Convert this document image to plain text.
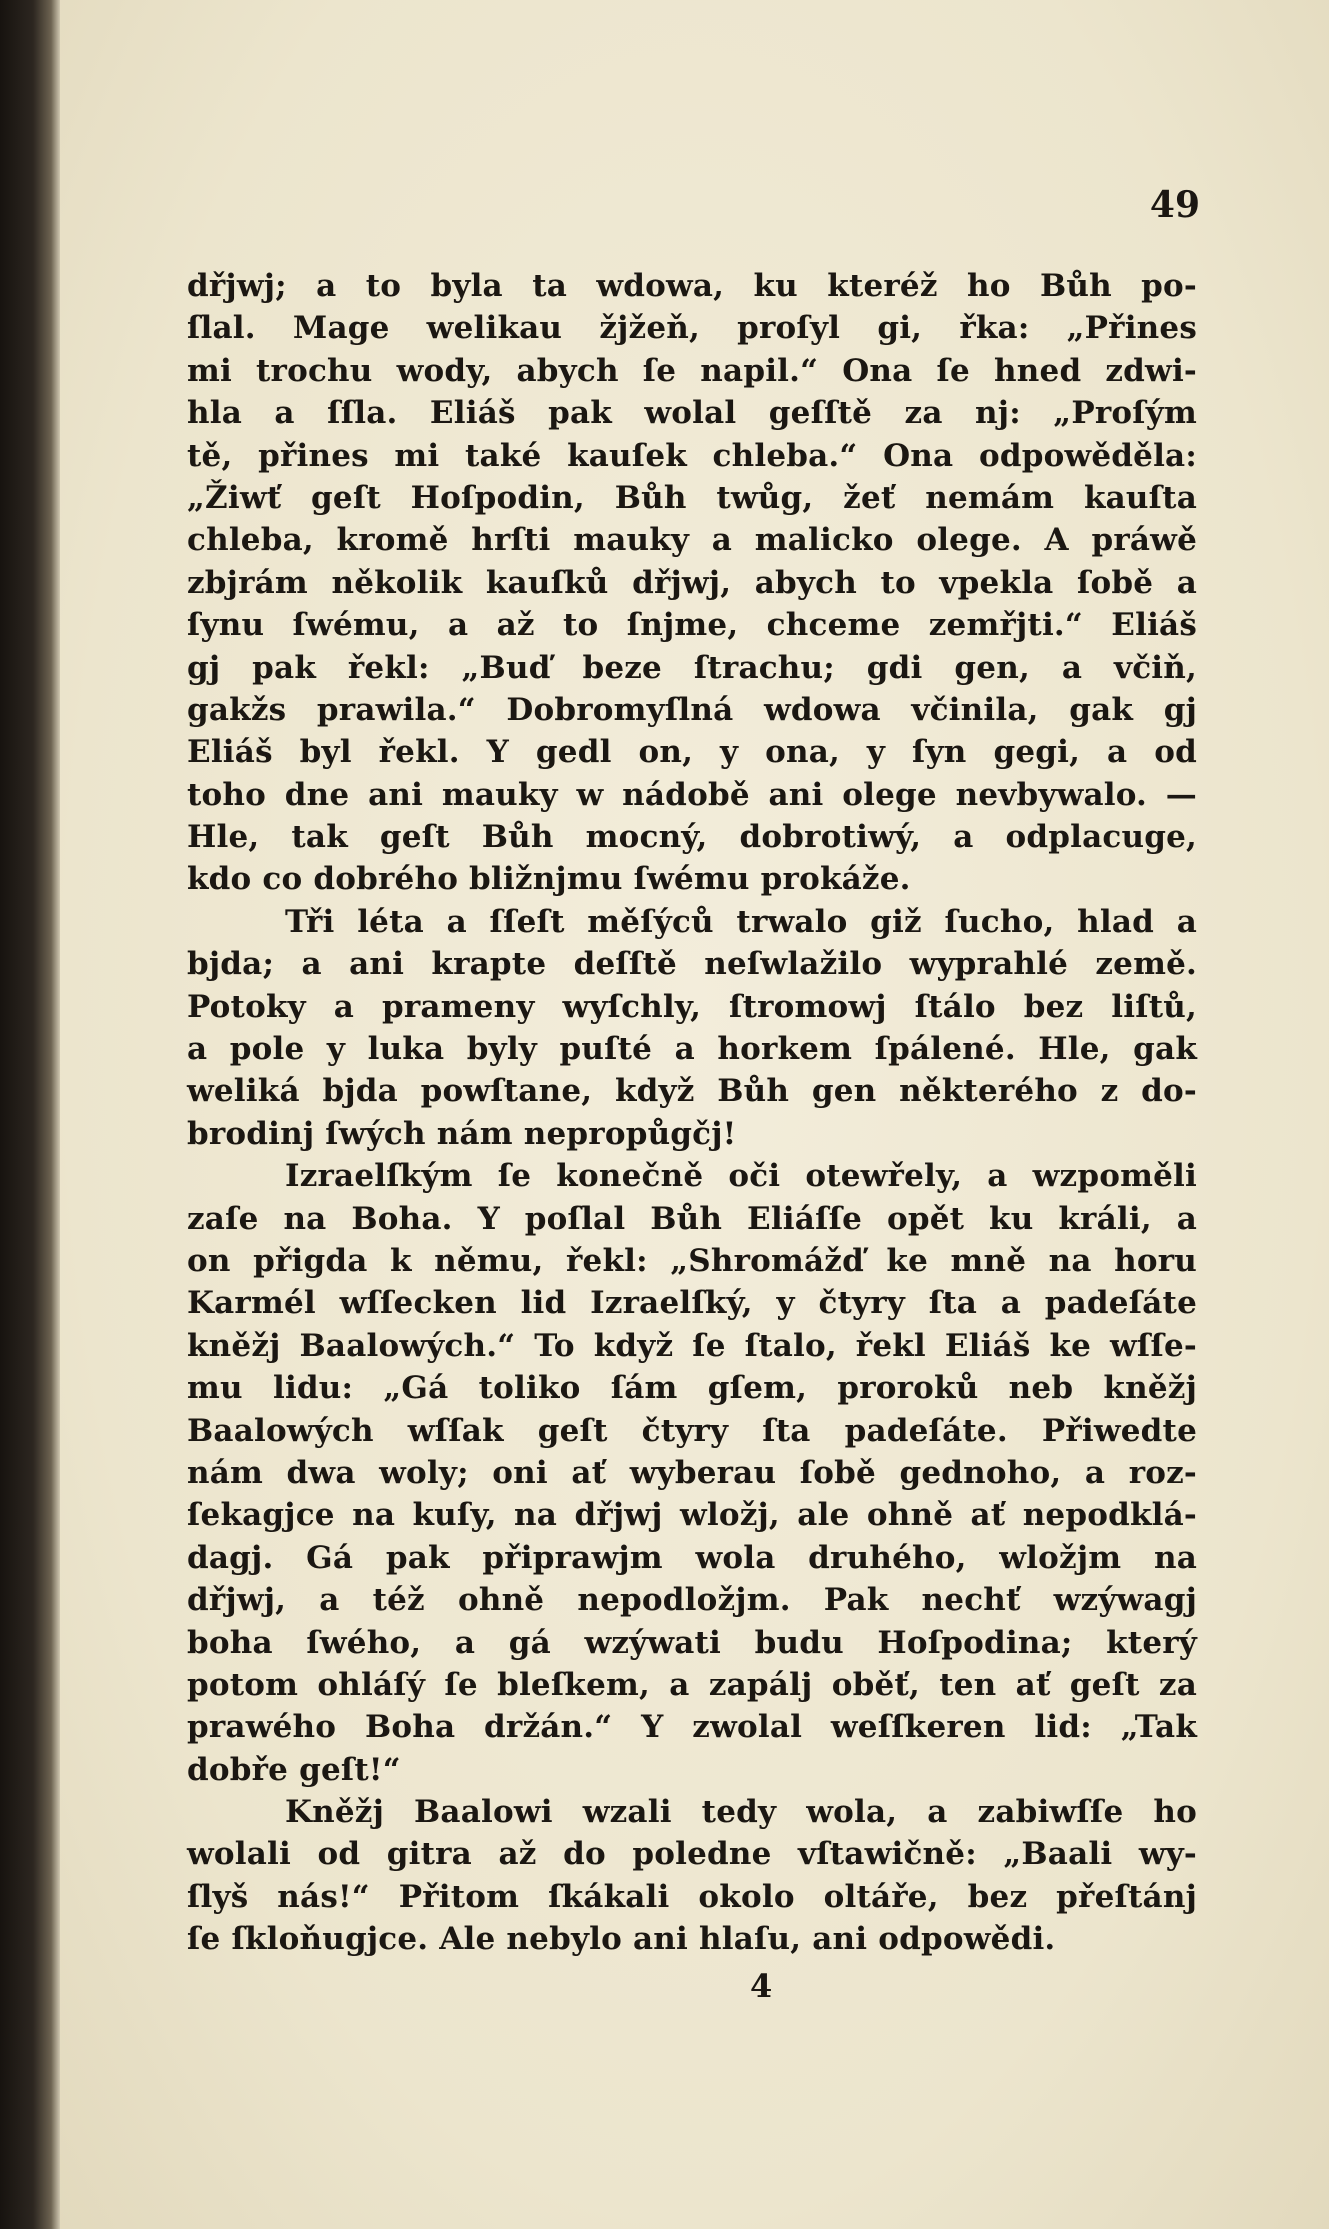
49
dřjwj; a to byla ta wdowa, ku kteréž ho Bůh po-
ſlal. Mage welikau žjžeň, proſyl gi, řka: „Přines
mi trochu wody, abych ſe napil.“ Ona ſe hned zdwi-
hla a ſſla. Eliáš pak wolal geſſtě za nj: „Proſým
tě, přines mi také kauſek chleba.“ Ona odpowěděla:
„Žiwť geſt Hoſpodin, Bůh twůg, žeť nemám kauſta
chleba, kromě hrſti mauky a malicko olege. A práwě
zbjrám několik kauſků dřjwj, abych to vpekla ſobě a
ſynu ſwému, a až to ſnjme, chceme zemřjti.“ Eliáš
gj pak řekl: „Buď beze ſtrachu; gdi gen, a včiň,
gakžs prawila.“ Dobromyſlná wdowa včinila, gak gj
Eliáš byl řekl. Y gedl on, y ona, y ſyn gegi, a od
toho dne ani mauky w nádobě ani olege nevbywalo. —
Hle, tak geſt Bůh mocný, dobrotiwý, a odplacuge,
kdo co dobrého bližnjmu ſwému prokáže.
Tři léta a ſſeſt měſýců trwalo giž ſucho, hlad a
bjda; a ani krapte deſſtě neſwlažilo wyprahlé země.
Potoky a prameny wyſchly, ſtromowj ſtálo bez liſtů,
a pole y luka byly puſté a horkem ſpálené. Hle, gak
weliká bjda powſtane, když Bůh gen některého z do-
brodinj ſwých nám nepropůgčj!
Izraelſkým ſe konečně oči otewřely, a wzpoměli
zaſe na Boha. Y poſlal Bůh Eliáſſe opět ku králi, a
on přigda k němu, řekl: „Shromážď ke mně na horu
Karmél wſſecken lid Izraelſký, y čtyry ſta a padeſáte
kněžj Baalowých.“ To když ſe ſtalo, řekl Eliáš ke wſſe-
mu lidu: „Gá toliko ſám gſem, proroků neb kněžj
Baalowých wſſak geſt čtyry ſta padeſáte. Přiwedte
nám dwa woly; oni ať wyberau ſobě gednoho, a roz-
ſekagjce na kuſy, na dřjwj wložj, ale ohně ať nepodklá-
dagj. Gá pak připrawjm wola druhého, wložjm na
dřjwj, a též ohně nepodložjm. Pak nechť wzýwagj
boha ſwého, a gá wzýwati budu Hoſpodina; který
potom ohláſý ſe bleſkem, a zapálj oběť, ten ať geſt za
prawého Boha držán.“ Y zwolal weſſkeren lid: „Tak
dobře geſt!“
Kněžj Baalowi wzali tedy wola, a zabiwſſe ho
wolali od gitra až do poledne vſtawičně: „Baali wy-
ſlyš nás!“ Přitom ſkákali okolo oltáře, bez přeſtánj
ſe ſkloňugjce. Ale nebylo ani hlaſu, ani odpowědi.
4
